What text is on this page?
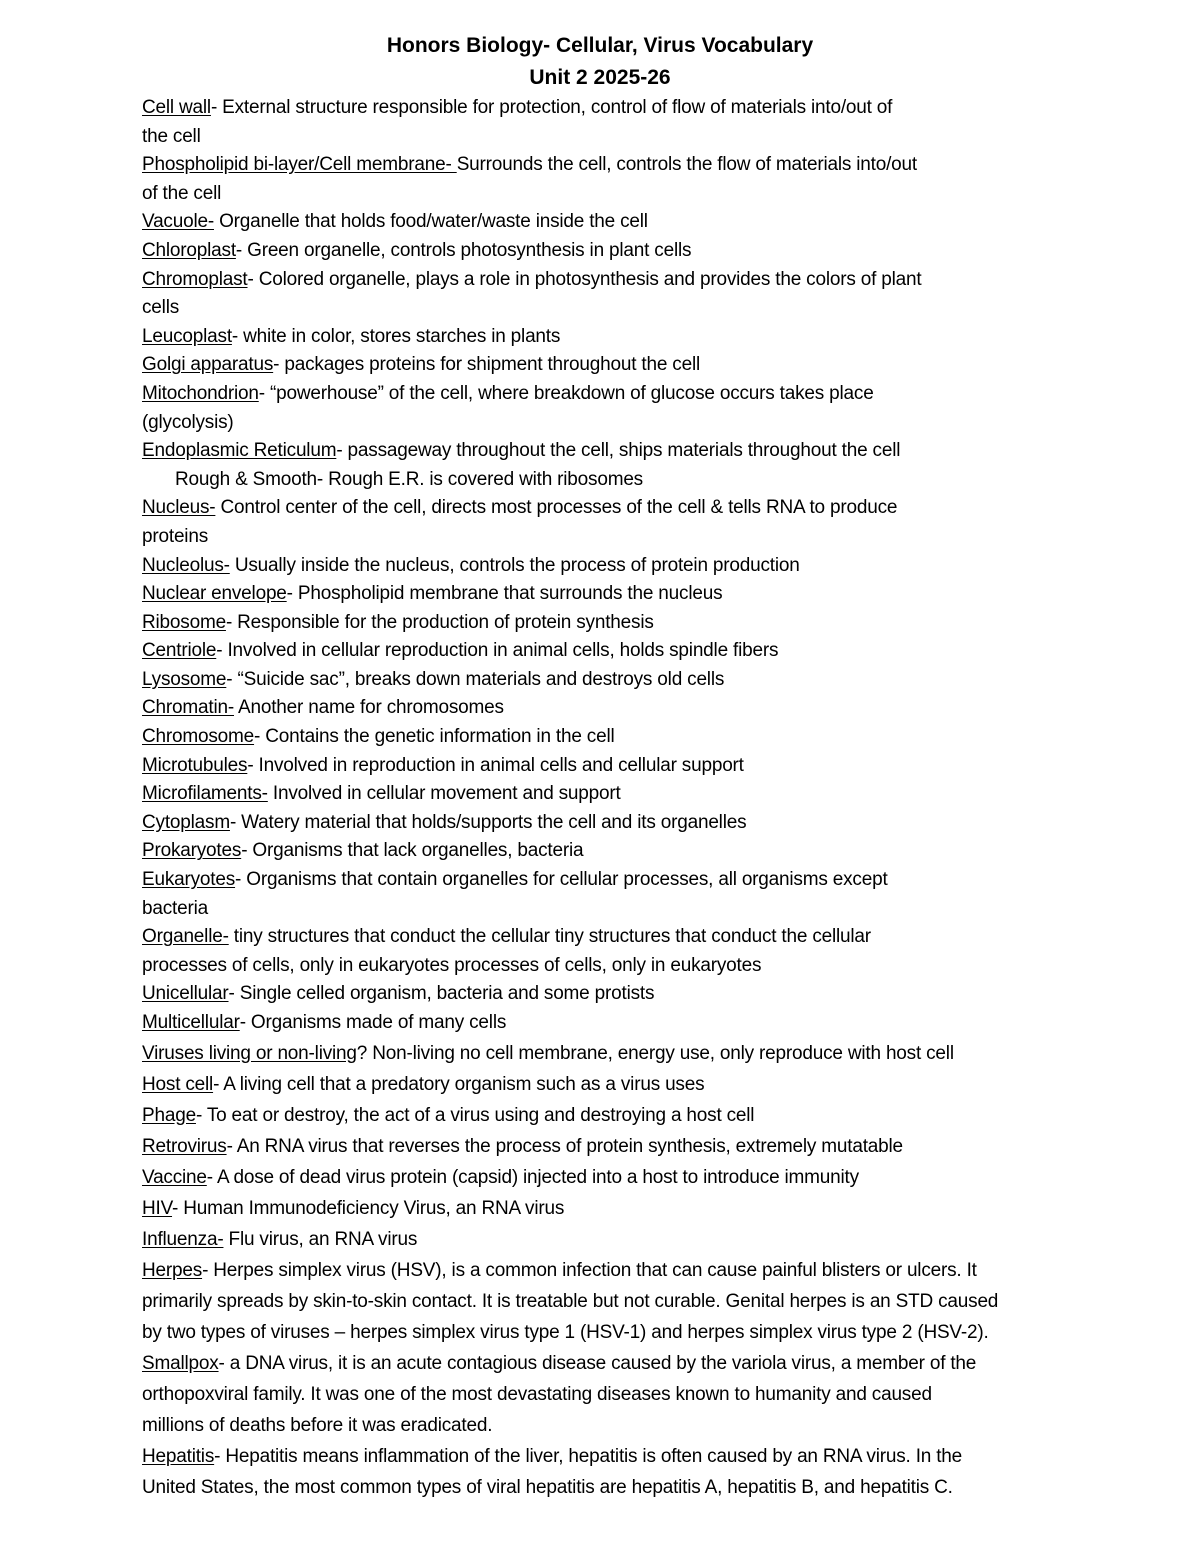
Honors Biology- Cellular, Virus Vocabulary
Unit 2 2025-26
Cell wall- External structure responsible for protection, control of flow of materials into/out of
the cell
Phospholipid bi-layer/Cell membrane- Surrounds the cell, controls the flow of materials into/out
of the cell
Vacuole- Organelle that holds food/water/waste inside the cell
Chloroplast- Green organelle, controls photosynthesis in plant cells
Chromoplast- Colored organelle, plays a role in photosynthesis and provides the colors of plant
cells
Leucoplast- white in color, stores starches in plants
Golgi apparatus- packages proteins for shipment throughout the cell
Mitochondrion- “powerhouse” of the cell, where breakdown of glucose occurs takes place
(glycolysis)
Endoplasmic Reticulum- passageway throughout the cell, ships materials throughout the cell
Rough & Smooth- Rough E.R. is covered with ribosomes
Nucleus- Control center of the cell, directs most processes of the cell & tells RNA to produce
proteins
Nucleolus- Usually inside the nucleus, controls the process of protein production
Nuclear envelope- Phospholipid membrane that surrounds the nucleus
Ribosome- Responsible for the production of protein synthesis
Centriole- Involved in cellular reproduction in animal cells, holds spindle fibers
Lysosome- “Suicide sac”, breaks down materials and destroys old cells
Chromatin- Another name for chromosomes
Chromosome- Contains the genetic information in the cell
Microtubules- Involved in reproduction in animal cells and cellular support
Microfilaments- Involved in cellular movement and support
Cytoplasm- Watery material that holds/supports the cell and its organelles
Prokaryotes- Organisms that lack organelles, bacteria
Eukaryotes- Organisms that contain organelles for cellular processes, all organisms except
bacteria
Organelle- tiny structures that conduct the cellular tiny structures that conduct the cellular
processes of cells, only in eukaryotes processes of cells, only in eukaryotes
Unicellular- Single celled organism, bacteria and some protists
Multicellular- Organisms made of many cells
Viruses living or non-living? Non-living no cell membrane, energy use, only reproduce with host cell
Host cell- A living cell that a predatory organism such as a virus uses
Phage- To eat or destroy, the act of a virus using and destroying a host cell
Retrovirus- An RNA virus that reverses the process of protein synthesis, extremely mutatable
Vaccine- A dose of dead virus protein (capsid) injected into a host to introduce immunity
HIV- Human Immunodeficiency Virus, an RNA virus
Influenza- Flu virus, an RNA virus
Herpes- Herpes simplex virus (HSV), is a common infection that can cause painful blisters or ulcers. It
primarily spreads by skin-to-skin contact. It is treatable but not curable. Genital herpes is an STD caused
by two types of viruses – herpes simplex virus type 1 (HSV-1) and herpes simplex virus type 2 (HSV-2).
Smallpox- a DNA virus, it is an acute contagious disease caused by the variola virus, a member of the
orthopoxviral family. It was one of the most devastating diseases known to humanity and caused
millions of deaths before it was eradicated.
Hepatitis- Hepatitis means inflammation of the liver, hepatitis is often caused by an RNA virus. In the
United States, the most common types of viral hepatitis are hepatitis A, hepatitis B, and hepatitis C.
